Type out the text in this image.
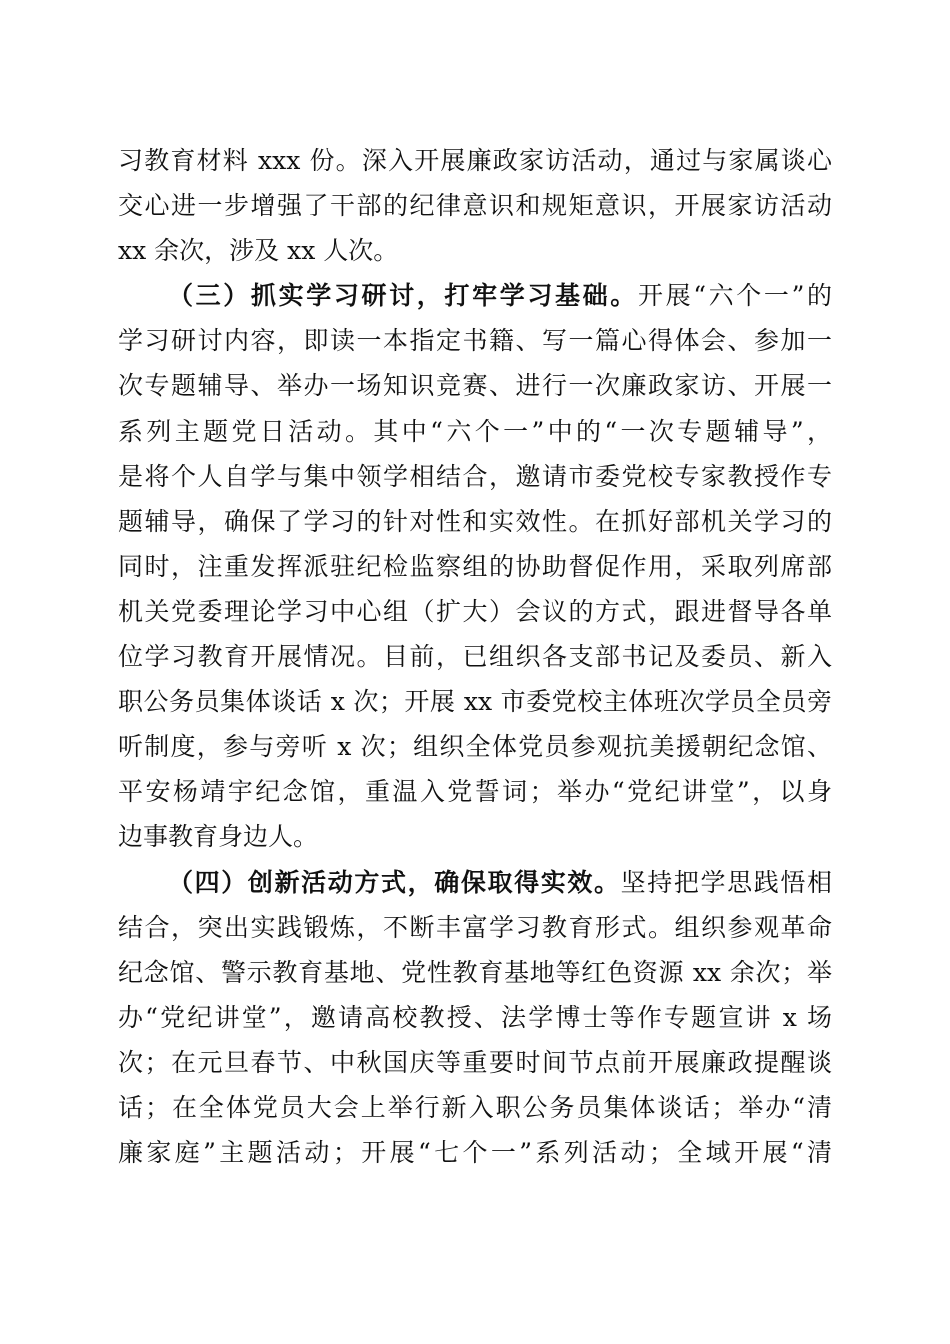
习教育材料 xxx 份。深入开展廉政家访活动，通过与家属谈心
交心进一步增强了干部的纪律意识和规矩意识，开展家访活动
xx 余次，涉及 xx 人次。
（三）抓实学习研讨，打牢学习基础。开展“六个一”的
学习研讨内容，即读一本指定书籍、写一篇心得体会、参加一
次专题辅导、举办一场知识竞赛、进行一次廉政家访、开展一
系列主题党日活动。其中“六个一”中的“一次专题辅导”，
是将个人自学与集中领学相结合，邀请市委党校专家教授作专
题辅导，确保了学习的针对性和实效性。在抓好部机关学习的
同时，注重发挥派驻纪检监察组的协助督促作用，采取列席部
机关党委理论学习中心组（扩大）会议的方式，跟进督导各单
位学习教育开展情况。目前，已组织各支部书记及委员、新入
职公务员集体谈话 x 次；开展 xx 市委党校主体班次学员全员旁
听制度，参与旁听 x 次；组织全体党员参观抗美援朝纪念馆、
平安杨靖宇纪念馆，重温入党誓词；举办“党纪讲堂”，以身
边事教育身边人。
（四）创新活动方式，确保取得实效。坚持把学思践悟相
结合，突出实践锻炼，不断丰富学习教育形式。组织参观革命
纪念馆、警示教育基地、党性教育基地等红色资源 xx 余次；举
办“党纪讲堂”，邀请高校教授、法学博士等作专题宣讲 x 场
次；在元旦春节、中秋国庆等重要时间节点前开展廉政提醒谈
话；在全体党员大会上举行新入职公务员集体谈话；举办“清
廉家庭”主题活动；开展“七个一”系列活动；全域开展“清
